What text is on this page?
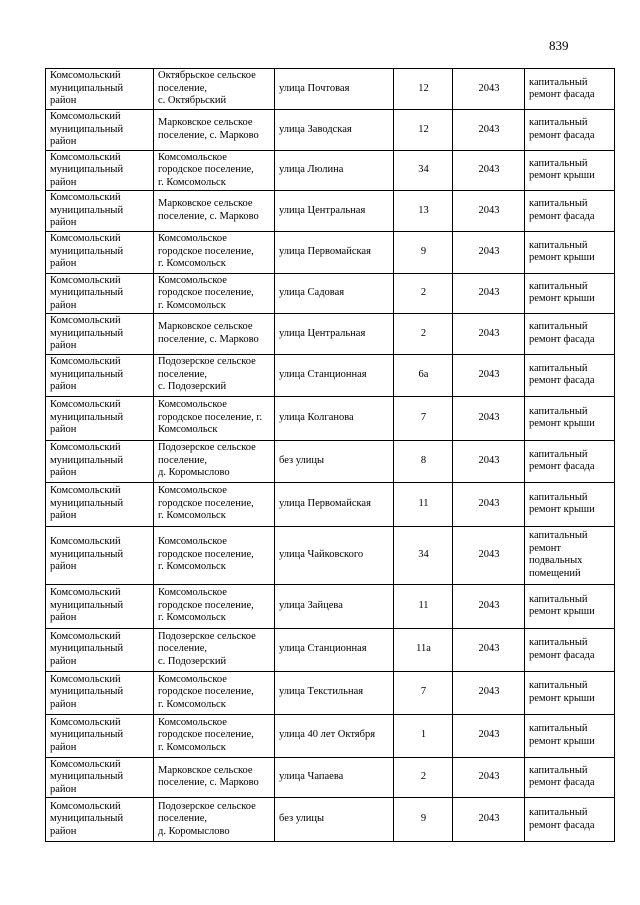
839
Комсомольский
муниципальный
район	Октябрьское сельское
поселение,
с. Октябрьский	улица Почтовая	12	2043	капитальный
ремонт фасада
Комсомольский
муниципальный
район	Марковское сельское
поселение, с. Марково	улица Заводская	12	2043	капитальный
ремонт фасада
Комсомольский
муниципальный
район	Комсомольское
городское поселение,
г. Комсомольск	улица Люлина	34	2043	капитальный
ремонт крыши
Комсомольский
муниципальный
район	Марковское сельское
поселение, с. Марково	улица Центральная	13	2043	капитальный
ремонт фасада
Комсомольский
муниципальный
район	Комсомольское
городское поселение,
г. Комсомольск	улица Первомайская	9	2043	капитальный
ремонт крыши
Комсомольский
муниципальный
район	Комсомольское
городское поселение,
г. Комсомольск	улица Садовая	2	2043	капитальный
ремонт крыши
Комсомольский
муниципальный
район	Марковское сельское
поселение, с. Марково	улица Центральная	2	2043	капитальный
ремонт фасада
Комсомольский
муниципальный
район	Подозерское сельское
поселение,
с. Подозерский	улица Станционная	6а	2043	капитальный
ремонт фасада
Комсомольский
муниципальный
район	Комсомольское
городское поселение, г.
Комсомольск	улица Колганова	7	2043	капитальный
ремонт крыши
Комсомольский
муниципальный
район	Подозерское сельское
поселение,
д. Коромыслово	без улицы	8	2043	капитальный
ремонт фасада
Комсомольский
муниципальный
район	Комсомольское
городское поселение,
г. Комсомольск	улица Первомайская	11	2043	капитальный
ремонт крыши
Комсомольский
муниципальный
район	Комсомольское
городское поселение,
г. Комсомольск	улица Чайковского	34	2043	капитальный
ремонт
подвальных
помещений
Комсомольский
муниципальный
район	Комсомольское
городское поселение,
г. Комсомольск	улица Зайцева	11	2043	капитальный
ремонт крыши
Комсомольский
муниципальный
район	Подозерское сельское
поселение,
с. Подозерский	улица Станционная	11а	2043	капитальный
ремонт фасада
Комсомольский
муниципальный
район	Комсомольское
городское поселение,
г. Комсомольск	улица Текстильная	7	2043	капитальный
ремонт крыши
Комсомольский
муниципальный
район	Комсомольское
городское поселение,
г. Комсомольск	улица 40 лет Октября	1	2043	капитальный
ремонт крыши
Комсомольский
муниципальный
район	Марковское сельское
поселение, с. Марково	улица Чапаева	2	2043	капитальный
ремонт фасада
Комсомольский
муниципальный
район	Подозерское сельское
поселение,
д. Коромыслово	без улицы	9	2043	капитальный
ремонт фасада
